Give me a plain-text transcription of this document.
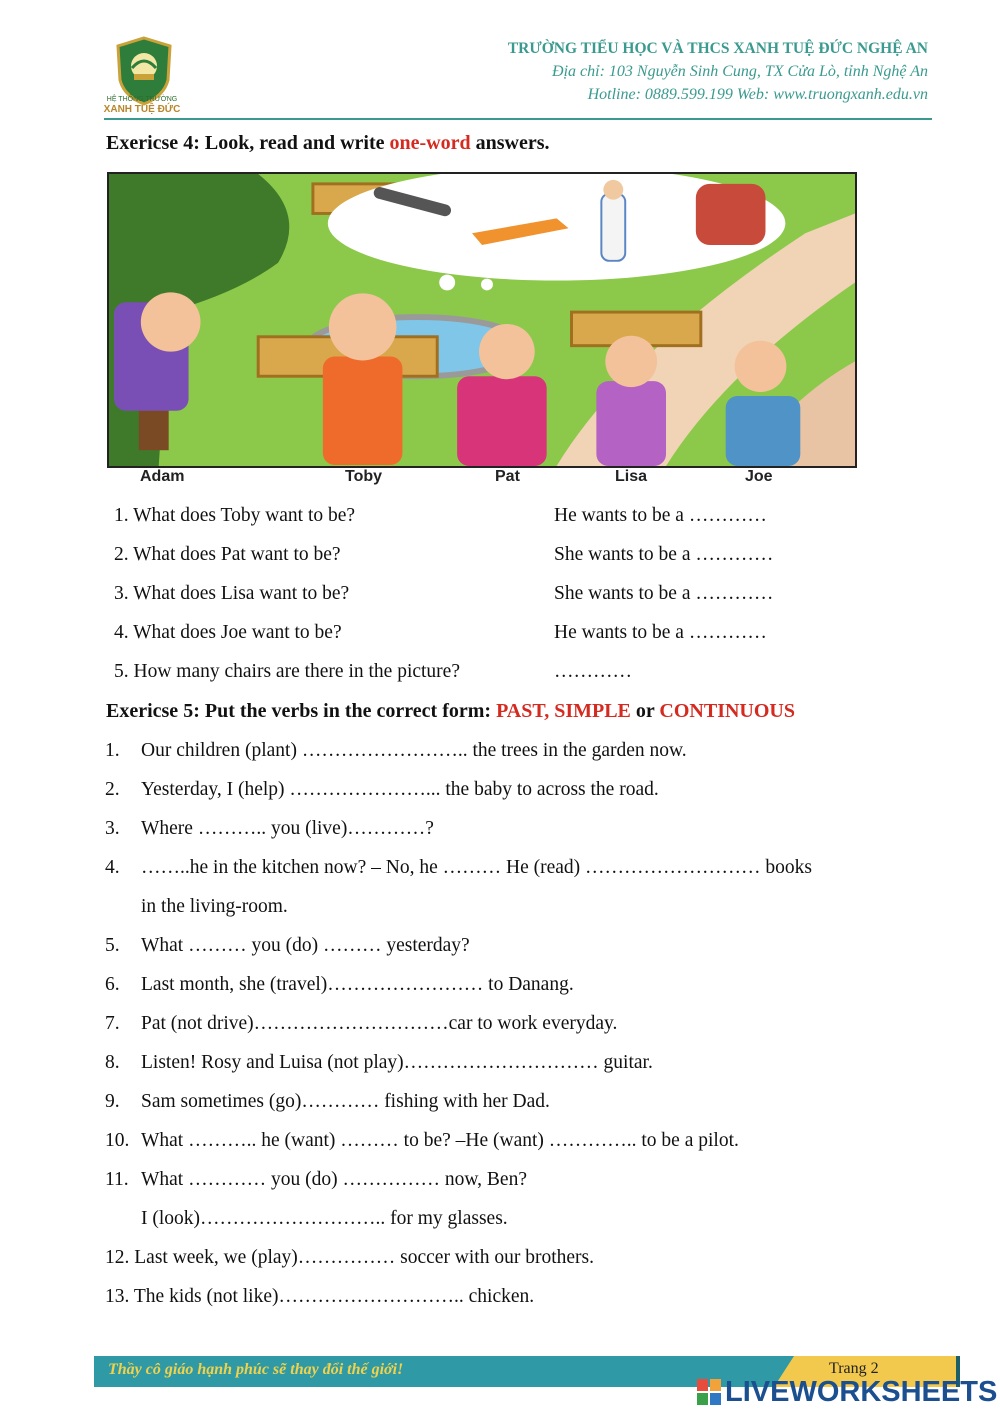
HỆ THỐNG TRƯỜNG
XANH TUỆ ĐỨC
TRƯỜNG TIỂU HỌC VÀ THCS XANH TUỆ ĐỨC NGHỆ AN
Địa chỉ: 103 Nguyễn Sinh Cung, TX Cửa Lò, tỉnh Nghệ An
Hotline: 0889.599.199 Web: www.truongxanh.edu.vn
Exericse 4: Look, read and write one-word answers.
Adam	Toby	Pat	Lisa	Joe
1. What does Toby want to be?	He wants to be a …………
2. What does Pat want to be?	She wants to be a …………
3. What does Lisa want to be?	She wants to be a …………
4. What does Joe want to be?	He wants to be a …………
5. How many chairs are there in the picture?	…………
Exericse 5: Put the verbs in the correct form: PAST, SIMPLE or CONTINUOUS
1. Our children (plant) …………………….. the trees in the garden now.
2. Yesterday, I (help) …………………... the baby to across the road.
3. Where ……….. you (live)…………?
4. ……..he in the kitchen now? – No, he ……… He (read) ……………………… books
in the living-room.
5. What ……… you (do) ……… yesterday?
6. Last month, she (travel)…………………… to Danang.
7. Pat (not drive)…………………………car to work everyday.
8. Listen! Rosy and Luisa (not play)………………………… guitar.
9. Sam sometimes (go)………… fishing with her Dad.
10. What ……….. he (want) ……… to be? –He (want) ………….. to be a pilot.
11. What ………… you (do) …………… now, Ben?
I (look)……………………….. for my glasses.
12. Last week, we (play)…………… soccer with our brothers.
13. The kids (not like)……………………….. chicken.
Thầy cô giáo hạnh phúc sẽ thay đổi thế giới!	Trang 2
LIVEWORKSHEETS
